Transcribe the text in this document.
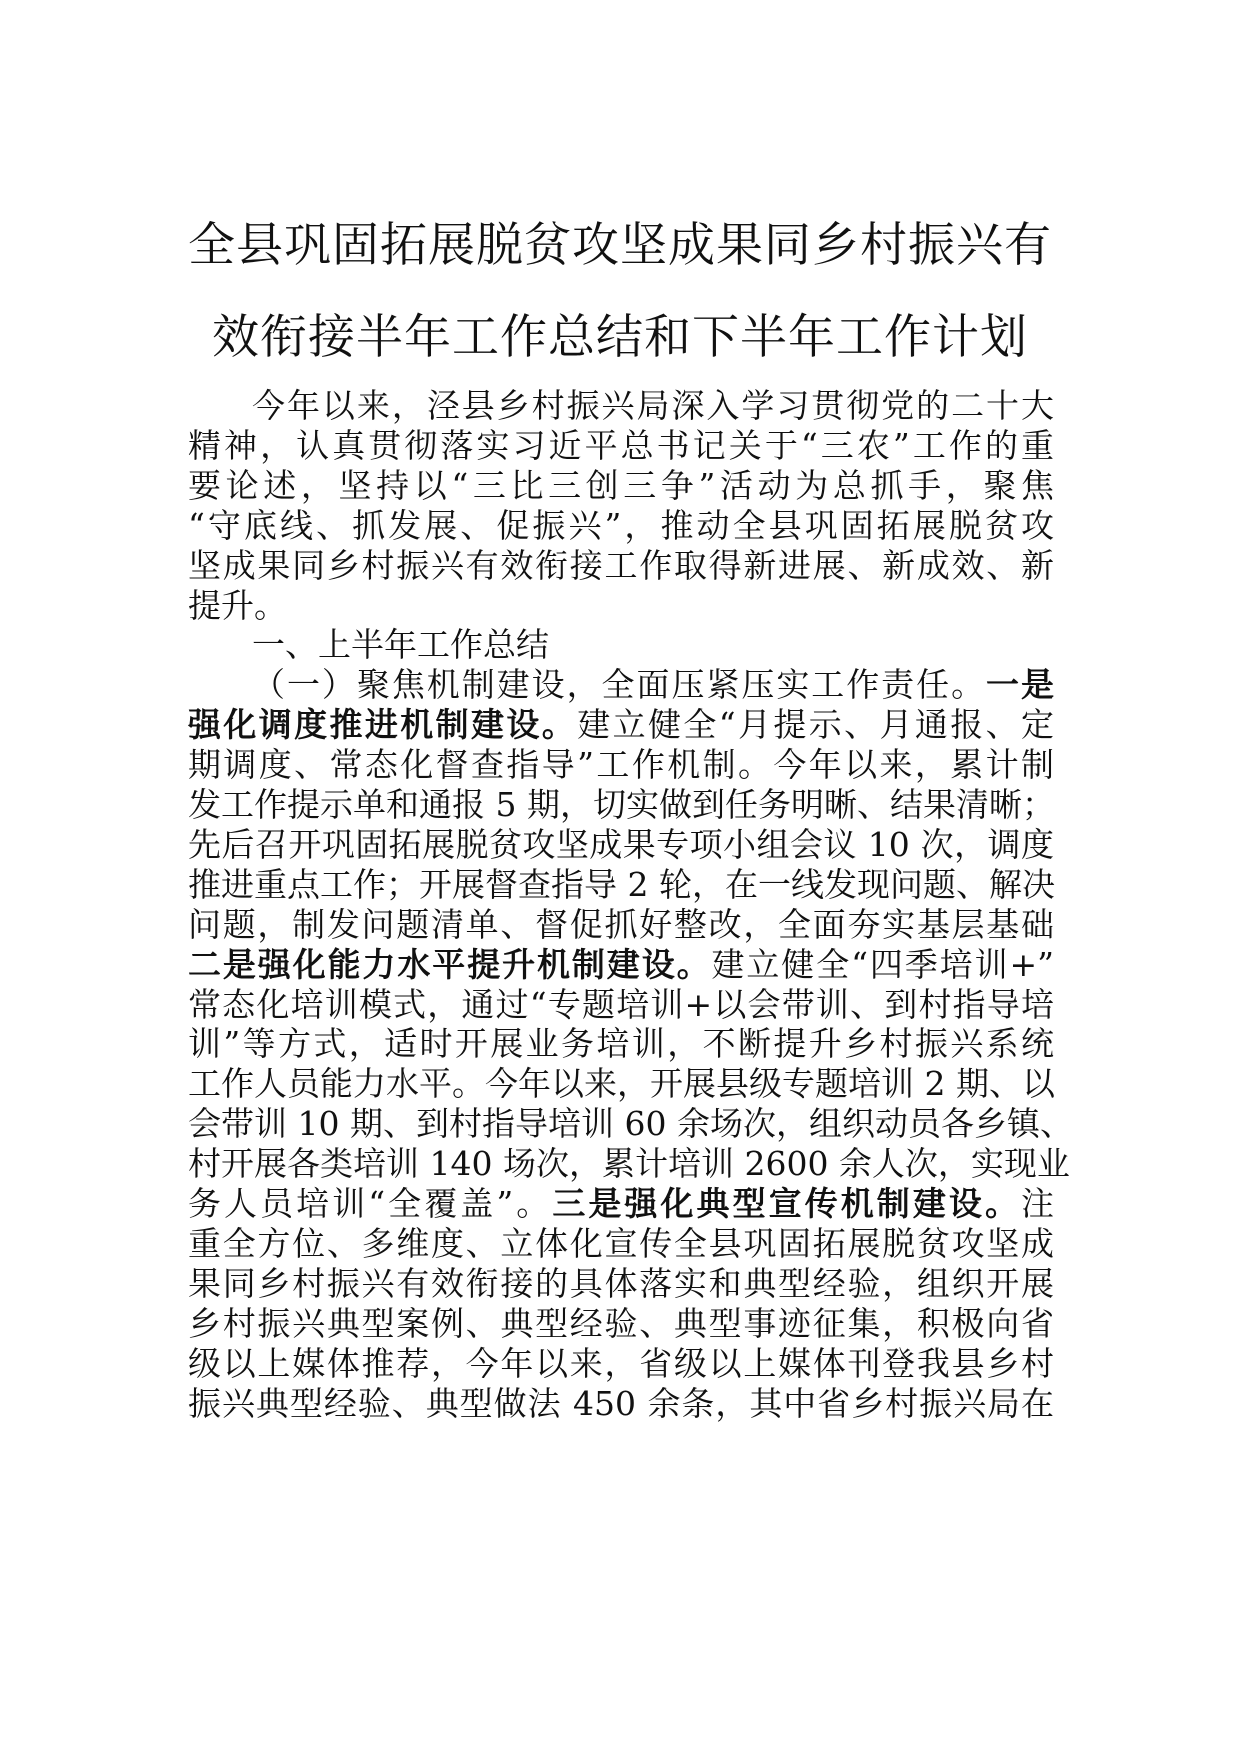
全县巩固拓展脱贫攻坚成果同乡村振兴有
效衔接半年工作总结和下半年工作计划
今年以来，泾县乡村振兴局深入学习贯彻党的二十大
精神，认真贯彻落实习近平总书记关于“三农”工作的重
要论述，坚持以“三比三创三争”活动为总抓手，聚焦
“守底线、抓发展、促振兴”，推动全县巩固拓展脱贫攻
坚成果同乡村振兴有效衔接工作取得新进展、新成效、新
提升。
一、上半年工作总结
（一）聚焦机制建设，全面压紧压实工作责任。一是
强化调度推进机制建设。建立健全“月提示、月通报、定
期调度、常态化督查指导”工作机制。今年以来，累计制
发工作提示单和通报 5 期，切实做到任务明晰、结果清晰；
先后召开巩固拓展脱贫攻坚成果专项小组会议 10 次，调度
推进重点工作；开展督查指导 2 轮，在一线发现问题、解决
问题，制发问题清单、督促抓好整改，全面夯实基层基础
二是强化能力水平提升机制建设。建立健全“四季培训+”
常态化培训模式，通过“专题培训+以会带训、到村指导培
训”等方式，适时开展业务培训，不断提升乡村振兴系统
工作人员能力水平。今年以来，开展县级专题培训 2 期、以
会带训 10 期、到村指导培训 60 余场次，组织动员各乡镇、
村开展各类培训 140 场次，累计培训 2600 余人次，实现业
务人员培训“全覆盖”。三是强化典型宣传机制建设。注
重全方位、多维度、立体化宣传全县巩固拓展脱贫攻坚成
果同乡村振兴有效衔接的具体落实和典型经验，组织开展
乡村振兴典型案例、典型经验、典型事迹征集，积极向省
级以上媒体推荐，今年以来，省级以上媒体刊登我县乡村
振兴典型经验、典型做法 450 余条，其中省乡村振兴局在
